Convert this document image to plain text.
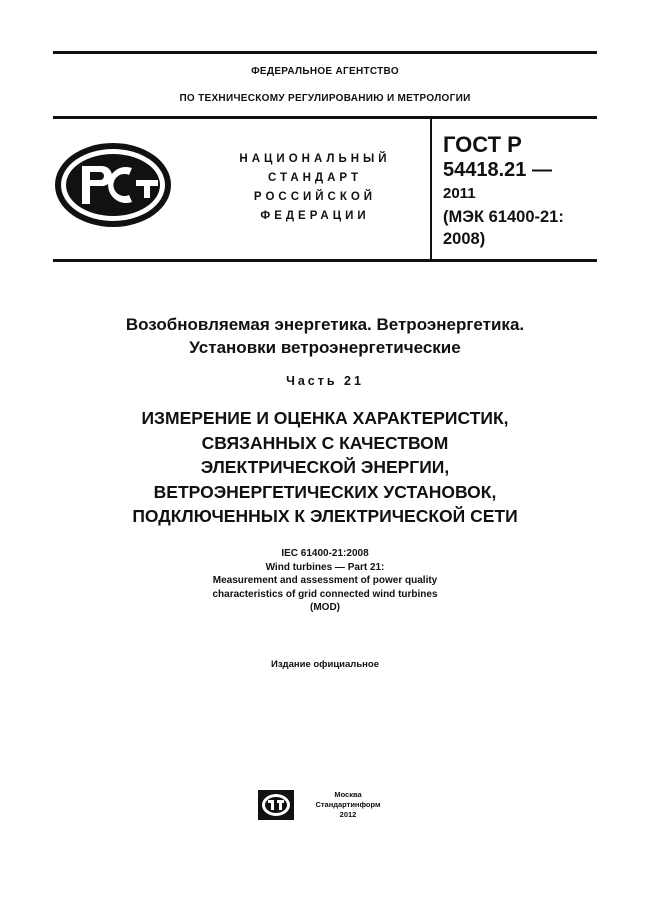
ФЕДЕРАЛЬНОЕ АГЕНТСТВО
ПО ТЕХНИЧЕСКОМУ РЕГУЛИРОВАНИЮ И МЕТРОЛОГИИ
НАЦИОНАЛЬНЫЙ
СТАНДАРТ
РОССИЙСКОЙ
ФЕДЕРАЦИИ
ГОСТ Р
54418.21 —
2011
(МЭК 61400-21:
2008)
Возобновляемая энергетика. Ветроэнергетика.
Установки ветроэнергетические
Часть 21
ИЗМЕРЕНИЕ И ОЦЕНКА ХАРАКТЕРИСТИК,
СВЯЗАННЫХ С КАЧЕСТВОМ
ЭЛЕКТРИЧЕСКОЙ ЭНЕРГИИ,
ВЕТРОЭНЕРГЕТИЧЕСКИХ УСТАНОВОК,
ПОДКЛЮЧЕННЫХ К ЭЛЕКТРИЧЕСКОЙ СЕТИ
IEC 61400-21:2008
Wind turbines — Part 21:
Measurement and assessment of power quality
characteristics of grid connected wind turbines
(MOD)
Издание официальное
Москва
Стандартинформ
2012
